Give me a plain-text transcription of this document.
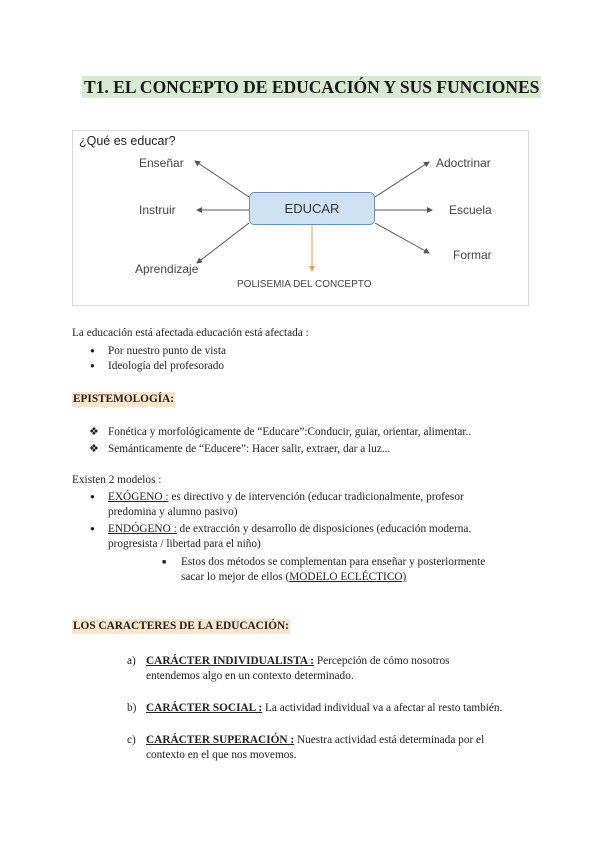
T1. EL CONCEPTO DE EDUCACIÓN Y SUS FUNCIONES
¿Qué es educar?
Enseñar
Instruir
Aprendizaje
Adoctrinar
Escuela
Formar
EDUCAR
POLISEMIA DEL CONCEPTO
La educación está afectada educación está afectada :
● Por nuestro punto de vista
● Ideología del profesorado
EPISTEMOLOGÍA:
❖ Fonética y morfológicamente de “Educare”:Conducir, guiar, orientar, alimentar..
❖ Semánticamente de “Educere”: Hacer salir, extraer, dar a luz...
Existen 2 modelos :
● EXÓGENO : es directivo y de intervención (educar tradicionalmente, profesor
predomina y alumno pasivo)
● ENDÓGENO : de extracción y desarrollo de disposiciones (educación moderna.
progresista / libertad para el niño)
■ Estos dos métodos se complementan para enseñar y posteriormente
sacar lo mejor de ellos (MODELO ECLÉCTICO)
LOS CARACTERES DE LA EDUCACIÓN:
a) CARÁCTER INDIVIDUALISTA : Percepción de cómo nosotros
entendemos algo en un contexto determinado.
b) CARÁCTER SOCIAL : La actividad individual va a afectar al resto también.
c) CARÁCTER SUPERACIÓN : Nuestra actividad está determinada por el
contexto en el que nos movemos.
